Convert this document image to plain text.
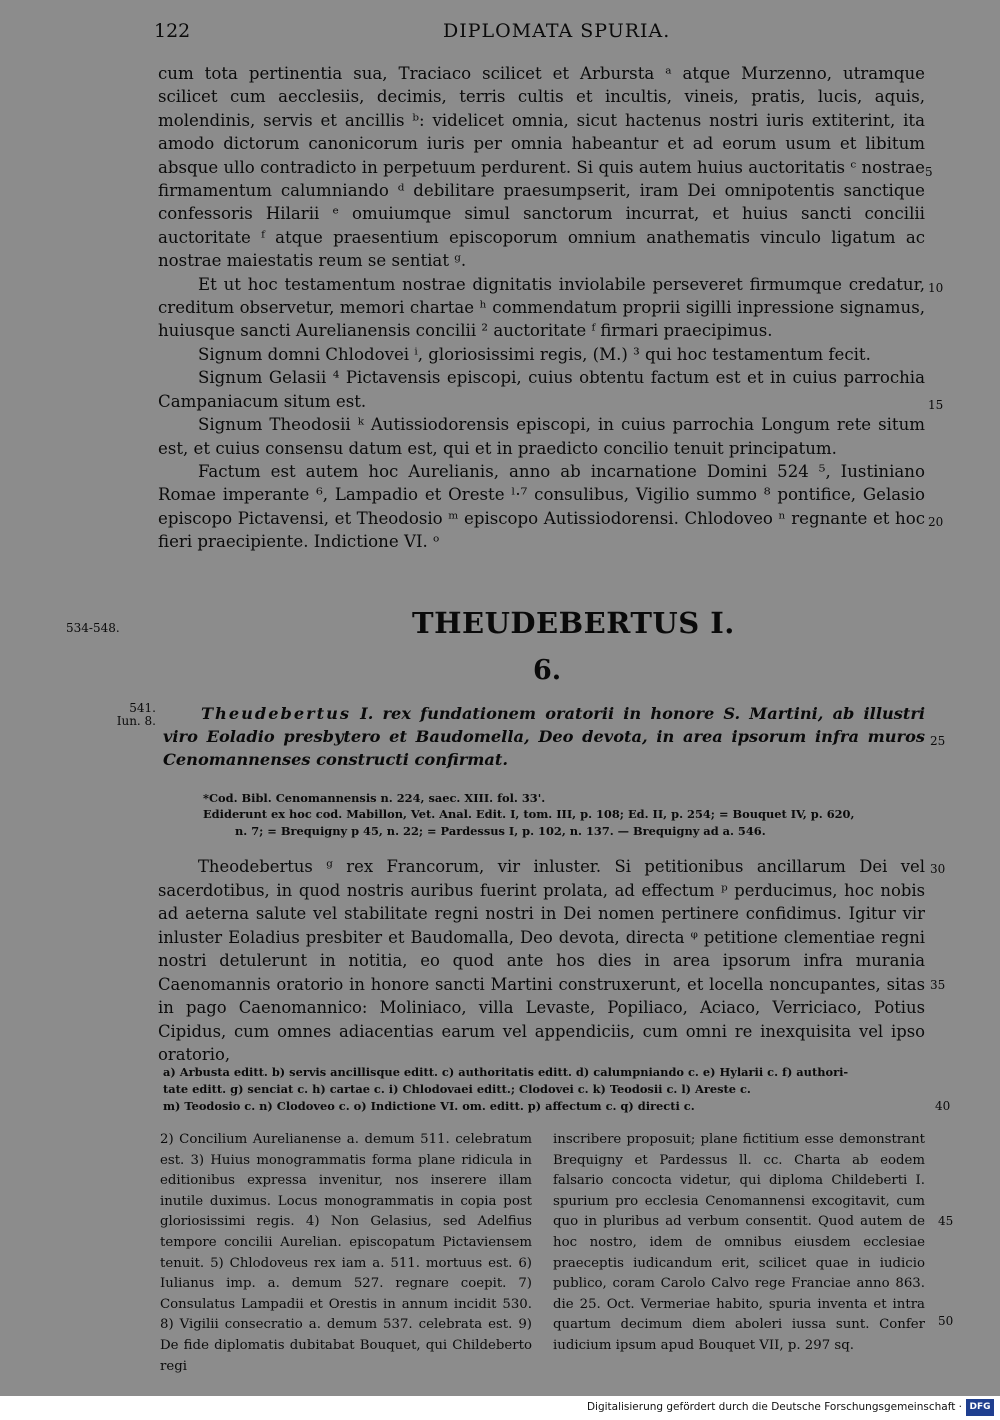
122	DIPLOMATA SPURIA.

cum tota pertinentia sua, Traciaco scilicet et Arbursta ᵃ atque Murzenno, utramque scilicet cum aecclesiis, decimis, terris cultis et incultis, vineis, pratis, lucis, aquis, molendinis, servis et ancillis ᵇ: videlicet omnia, sicut hactenus nostri iuris extiterint, ita amodo dictorum canonicorum iuris per omnia habeantur et ad eorum usum et libitum absque ullo contradicto in perpetuum perdurent. Si quis autem huius auctoritatis ᶜ nostrae firmamentum calumniando ᵈ debilitare praesumpserit, iram Dei omnipotentis sanctique confessoris Hilarii ᵉ omuiumque simul sanctorum incurrat, et huius sancti concilii auctoritate ᶠ atque praesentium episcoporum omnium anathematis vinculo ligatum ac nostrae maiestatis reum se sentiat ᵍ.

Et ut hoc testamentum nostrae dignitatis inviolabile perseveret firmumque credatur, creditum observetur, memori chartae ʰ commendatum proprii sigilli inpressione signamus, huiusque sancti Aurelianensis concilii ² auctoritate ᶠ firmari praecipimus.

Signum domni Chlodovei ⁱ, gloriosissimi regis, (M.) ³ qui hoc testamentum fecit.

Signum Gelasii ⁴ Pictavensis episcopi, cuius obtentu factum est et in cuius parrochia Campaniacum situm est.

Signum Theodosii ᵏ Autissiodorensis episcopi, in cuius parrochia Longum rete situm est, et cuius consensu datum est, qui et in praedicto concilio tenuit principatum.

Factum est autem hoc Aurelianis, anno ab incarnatione Domini 524 ⁵, Iustiniano Romae imperante ⁶, Lampadio et Oreste ˡ·⁷ consulibus, Vigilio summo ⁸ pontifice, Gelasio episcopo Pictavensi, et Theodosio ᵐ episcopo Autissiodorensi. Chlodoveo ⁿ regnante et hoc fieri praecipiente. Indictione VI. ᵒ

5
10
15
20
534-548.	THEUDEBERTUS I.
6.
541.
Iun. 8.	Theudebertus I. rex fundationem oratorii in honore S. Martini, ab illustri viro Eoladio presbytero et Baudomella, Deo devota, in area ipsorum infra muros Cenomannenses constructi confirmat.
25
*Cod. Bibl. Cenomannensis n. 224, saec. XIII. fol. 33'.
Ediderunt ex hoc cod. Mabillon, Vet. Anal. Edit. I, tom. III, p. 108; Ed. II, p. 254; = Bouquet IV, p. 620,
n. 7; = Brequigny p 45, n. 22; = Pardessus I, p. 102, n. 137. — Brequigny ad a. 546.

Theodebertus ᵍ rex Francorum, vir inluster. Si petitionibus ancillarum Dei vel sacerdotibus, in quod nostris auribus fuerint prolata, ad effectum ᵖ perducimus, hoc nobis ad aeterna salute vel stabilitate regni nostri in Dei nomen pertinere confidimus. Igitur vir inluster Eoladius presbiter et Baudomalla, Deo devota, directa ᵠ petitione clementiae regni nostri detulerunt in notitia, eo quod ante hos dies in area ipsorum infra murania Caenomannis oratorio in honore sancti Martini construxerunt, et locella noncupantes, sitas in pago Caenomannico: Moliniaco, villa Levaste, Popiliaco, Aciaco, Verriciaco, Potius Cipidus, cum omnes adiacentias earum vel appendiciis, cum omni re inexquisita vel ipso oratorio,

30
35
a) Arbusta editt. b) servis ancillisque editt. c) authoritatis editt. d) calumpniando c. e) Hylarii c. f) authori-
tate editt. g) senciat c. h) cartae c. i) Chlodovaei editt.; Clodovei c. k) Teodosii c. l) Areste c.
m) Teodosio c. n) Clodoveo c. o) Indictione VI. om. editt. p) affectum c. q) directi c.	40
2) Concilium Aurelianense a. demum 511. celebratum est. 3) Huius monogrammatis forma plane ridicula in editionibus expressa invenitur, nos inserere illam inutile duximus. Locus monogrammatis in copia post gloriosissimi regis. 4) Non Gelasius, sed Adelfius tempore concilii Aurelian. episcopatum Pictaviensem tenuit. 5) Chlodoveus rex iam a. 511. mortuus est. 6) Iulianus imp. a. demum 527. regnare coepit. 7) Consulatus Lampadii et Orestis in annum incidit 530. 8) Vigilii consecratio a. demum 537. celebrata est. 9) De fide diplomatis dubitabat Bouquet, qui Childeberto regi
inscribere proposuit; plane fictitium esse demonstrant Brequigny et Pardessus ll. cc. Charta ab eodem falsario concocta videtur, qui diploma Childeberti I. spurium pro ecclesia Cenomannensi excogitavit, cum quo in pluribus ad verbum consentit. Quod autem de hoc nostro, idem de omnibus eiusdem ecclesiae praeceptis iudicandum erit, scilicet quae in iudicio publico, coram Carolo Calvo rege Franciae anno 863. die 25. Oct. Vermeriae habito, spuria inventa et intra quartum decimum diem aboleri iussa sunt. Confer iudicium ipsum apud Bouquet VII, p. 297 sq.
45
50
Digitalisierung gefördert durch die Deutsche Forschungsgemeinschaft · DFG
